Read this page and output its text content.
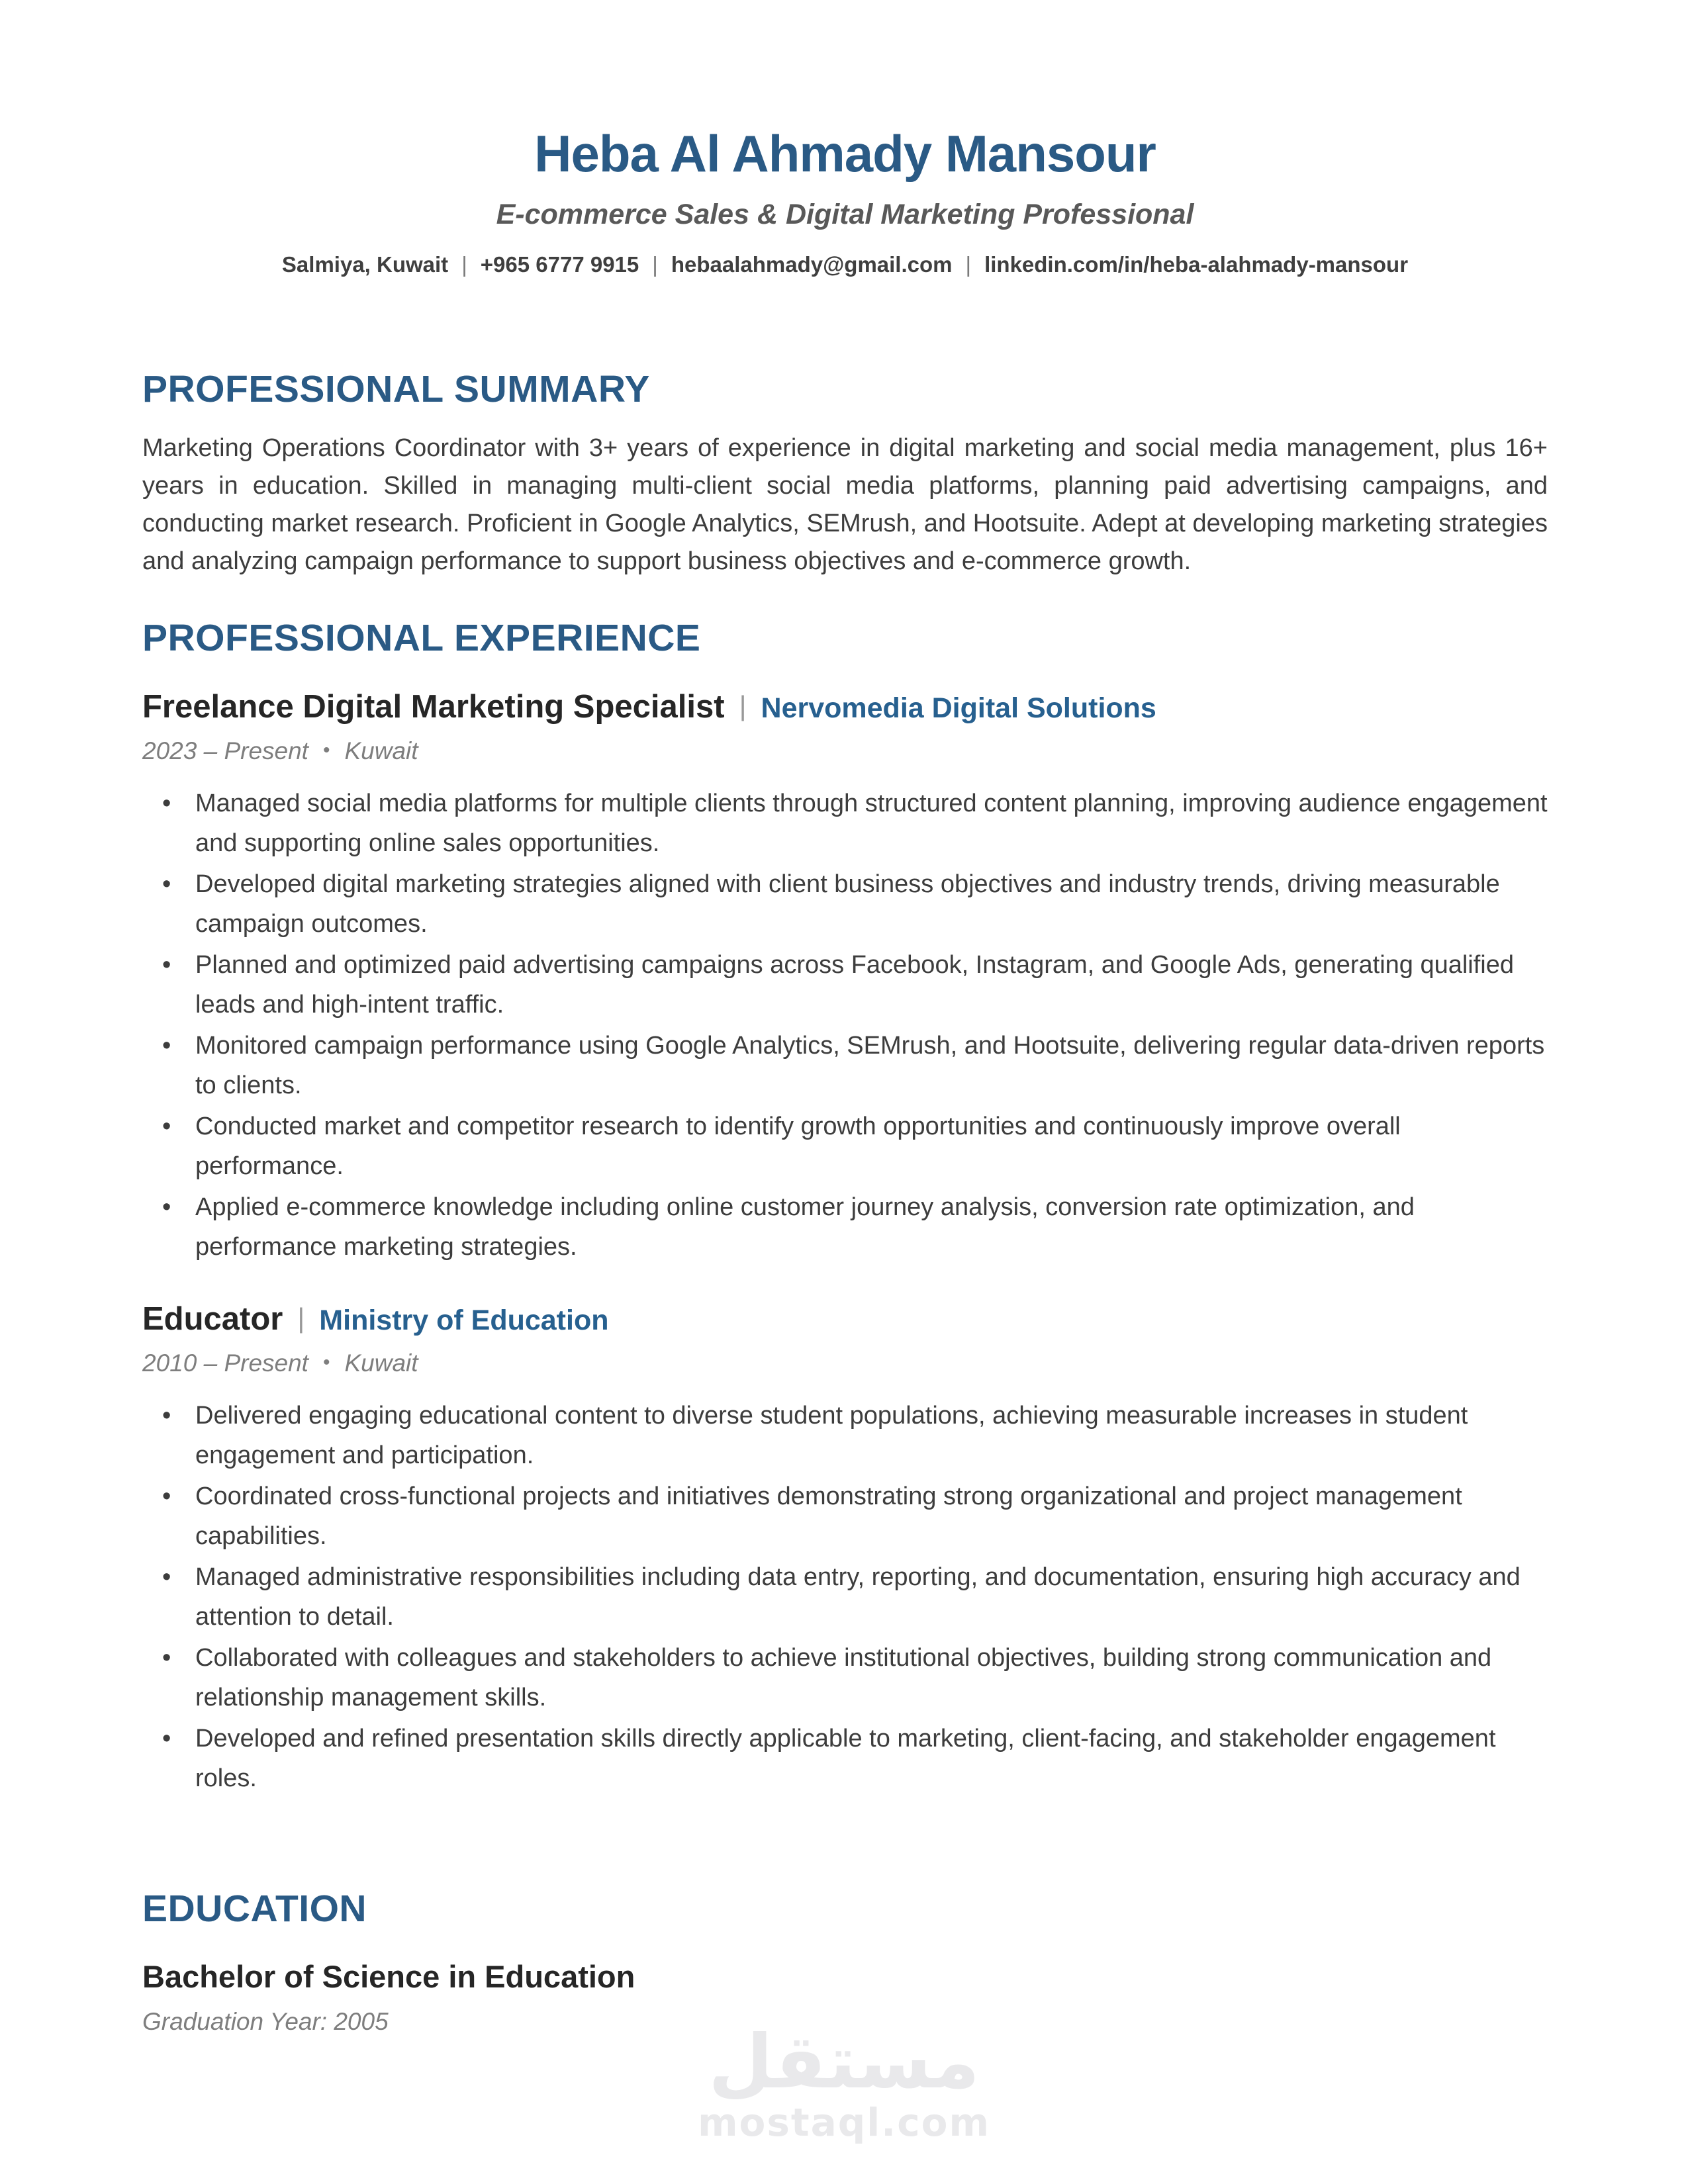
Heba Al Ahmady Mansour
E-commerce Sales & Digital Marketing Professional
Salmiya, Kuwait | +965 6777 9915 | hebaalahmady@gmail.com | linkedin.com/in/heba-alahmady-mansour
PROFESSIONAL SUMMARY

Marketing Operations Coordinator with 3+ years of experience in digital marketing and social media management, plus 16+ years in education. Skilled in managing multi-client social media platforms, planning paid advertising campaigns, and conducting market research. Proficient in Google Analytics, SEMrush, and Hootsuite. Adept at developing marketing strategies and analyzing campaign performance to support business objectives and e-commerce growth.

PROFESSIONAL EXPERIENCE
Freelance Digital Marketing Specialist | Nervomedia Digital Solutions
2023 – Present • Kuwait
• Managed social media platforms for multiple clients through structured content planning, improving audience engagement and supporting online sales opportunities.
• Developed digital marketing strategies aligned with client business objectives and industry trends, driving measurable campaign outcomes.
• Planned and optimized paid advertising campaigns across Facebook, Instagram, and Google Ads, generating qualified leads and high-intent traffic.
• Monitored campaign performance using Google Analytics, SEMrush, and Hootsuite, delivering regular data-driven reports to clients.
• Conducted market and competitor research to identify growth opportunities and continuously improve overall performance.
• Applied e-commerce knowledge including online customer journey analysis, conversion rate optimization, and performance marketing strategies.
Educator | Ministry of Education
2010 – Present • Kuwait
• Delivered engaging educational content to diverse student populations, achieving measurable increases in student engagement and participation.
• Coordinated cross-functional projects and initiatives demonstrating strong organizational and project management capabilities.
• Managed administrative responsibilities including data entry, reporting, and documentation, ensuring high accuracy and attention to detail.
• Collaborated with colleagues and stakeholders to achieve institutional objectives, building strong communication and relationship management skills.
• Developed and refined presentation skills directly applicable to marketing, client-facing, and stakeholder engagement roles.
EDUCATION
Bachelor of Science in Education
Graduation Year: 2005	مستقل
mostaql.com
